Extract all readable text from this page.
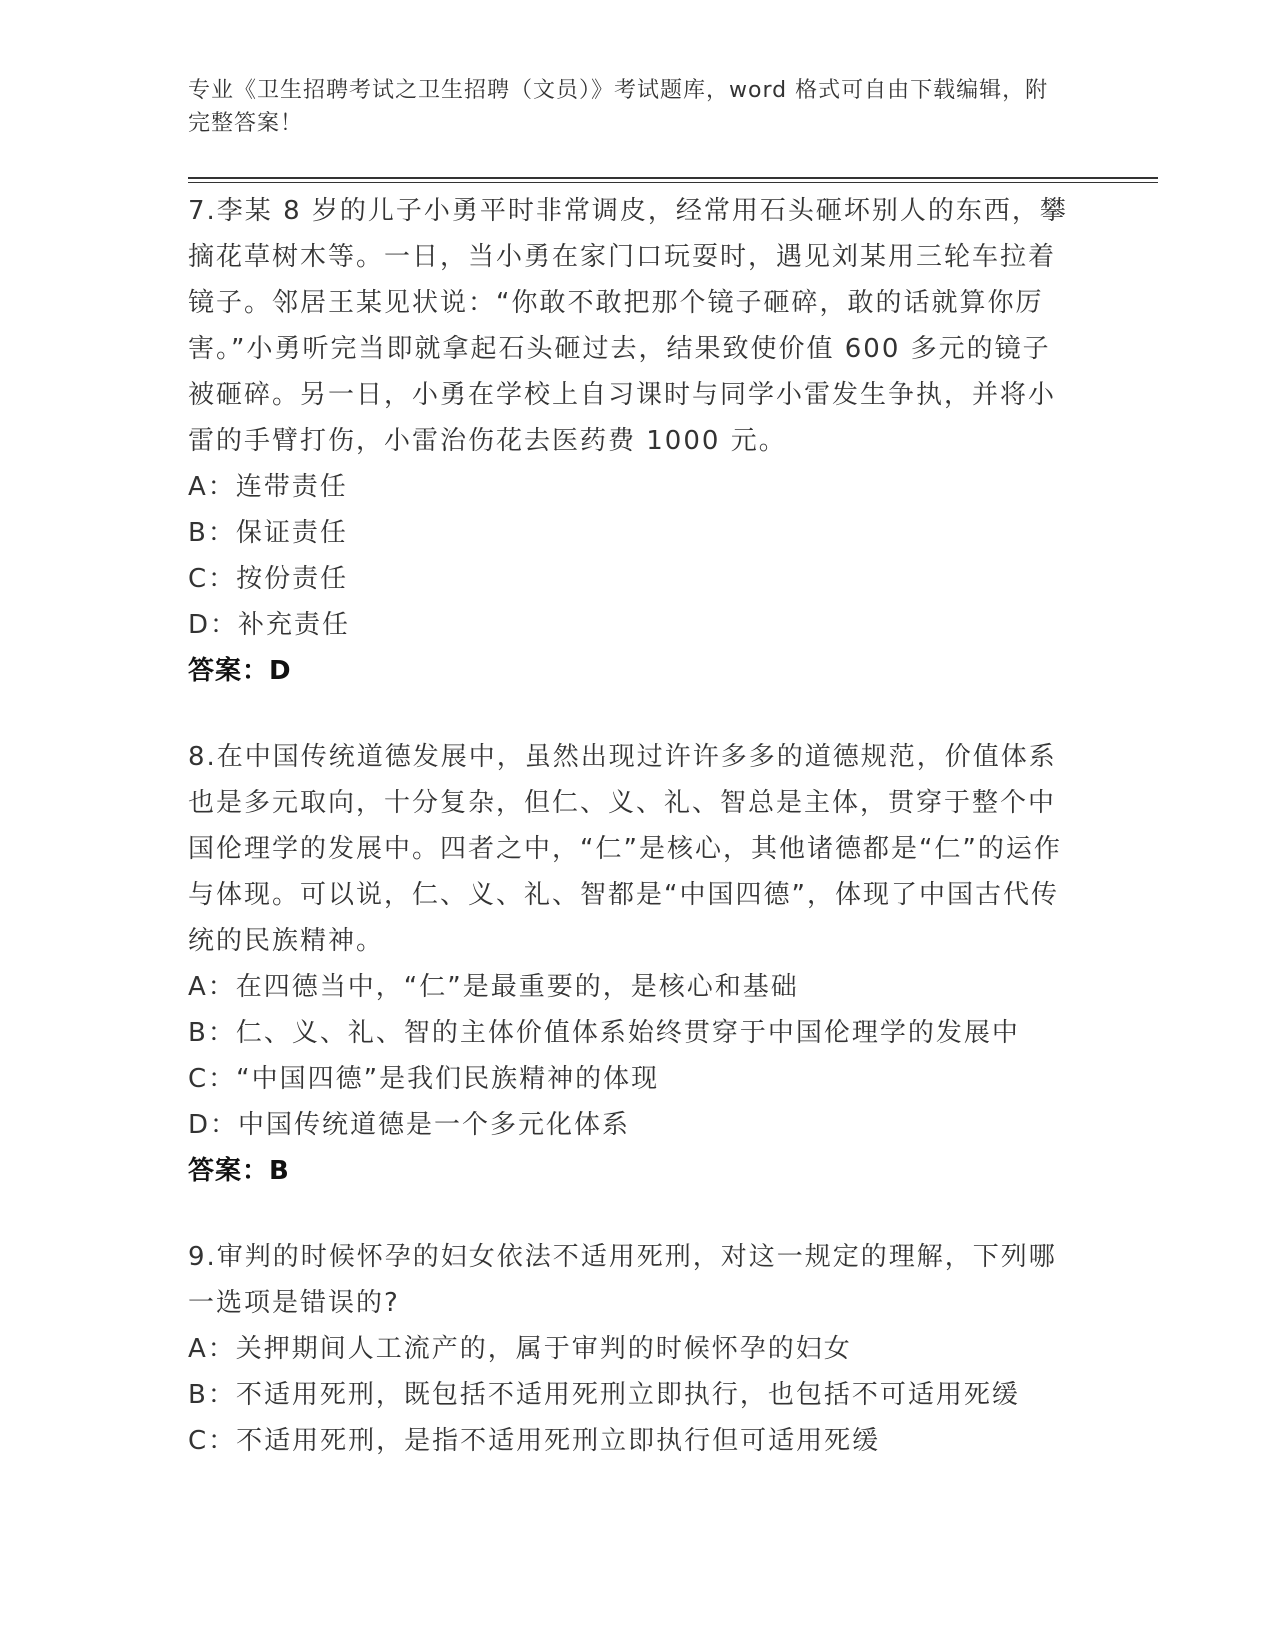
专业《卫生招聘考试之卫生招聘（文员）》考试题库，word 格式可自由下载编辑，附完整答案！

7.李某 8 岁的儿子小勇平时非常调皮，经常用石头砸坏别人的东西，攀摘花草树木等。一日，当小勇在家门口玩耍时，遇见刘某用三轮车拉着镜子。邻居王某见状说：“你敢不敢把那个镜子砸碎，敢的话就算你厉害。”小勇听完当即就拿起石头砸过去，结果致使价值 600 多元的镜子被砸碎。另一日，小勇在学校上自习课时与同学小雷发生争执，并将小雷的手臂打伤，小雷治伤花去医药费 1000 元。

A：连带责任

B：保证责任

C：按份责任

D：补充责任

答案：D

8.在中国传统道德发展中，虽然出现过许许多多的道德规范，价值体系也是多元取向，十分复杂，但仁、义、礼、智总是主体，贯穿于整个中国伦理学的发展中。四者之中，“仁”是核心，其他诸德都是“仁”的运作与体现。可以说，仁、义、礼、智都是“中国四德”，体现了中国古代传统的民族精神。

A：在四德当中，“仁”是最重要的，是核心和基础

B：仁、义、礼、智的主体价值体系始终贯穿于中国伦理学的发展中

C：“中国四德”是我们民族精神的体现

D：中国传统道德是一个多元化体系

答案：B

9.审判的时候怀孕的妇女依法不适用死刑，对这一规定的理解，下列哪一选项是错误的?

A：关押期间人工流产的，属于审判的时候怀孕的妇女

B：不适用死刑，既包括不适用死刑立即执行，也包括不可适用死缓

C：不适用死刑，是指不适用死刑立即执行但可适用死缓
